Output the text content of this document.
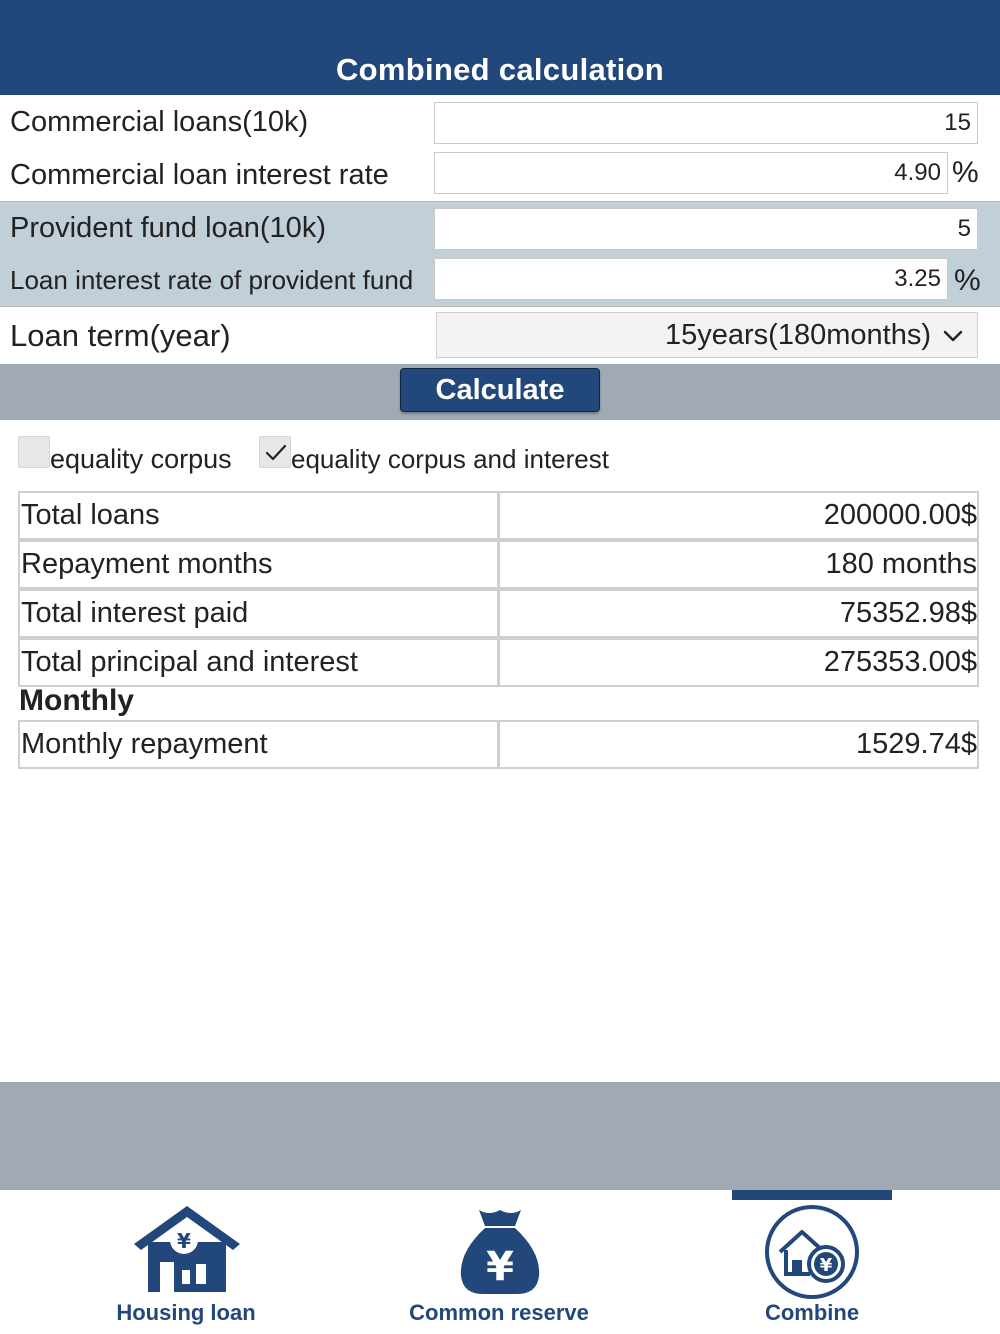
Combined calculation
Commercial loans(10k)	15
Commercial loan interest rate	4.90 %
Provident fund loan(10k)	5
Loan interest rate of provident fund	3.25 %
Loan term(year)	15years(180months)
Calculate
equality corpus equality corpus and interest
Total loans	200000.00$
Repayment months	180 months
Total interest paid	75352.98$
Total principal and interest	275353.00$
Monthly
Monthly repayment	1529.74$
¥
Housing loan
¥
Common reserve
¥
Combine
